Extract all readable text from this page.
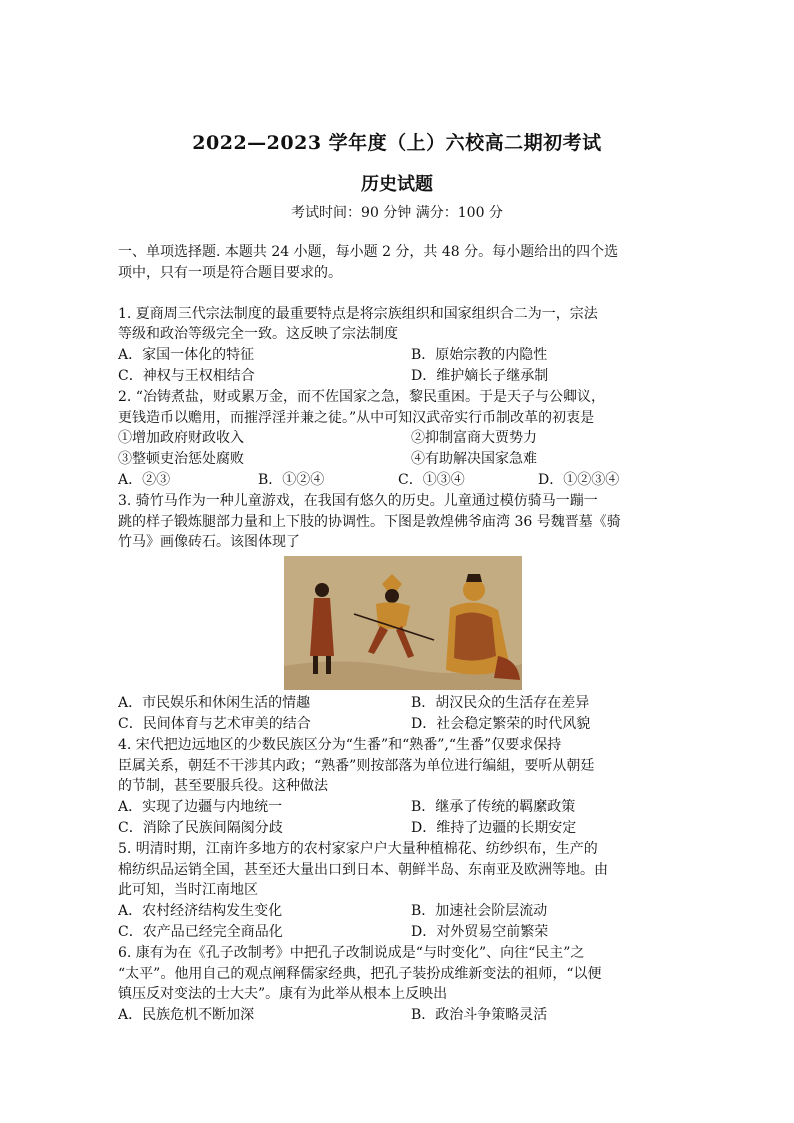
2022—2023 学年度（上）六校高二期初考试
历史试题
考试时间：90 分钟 满分：100 分

一、单项选择题. 本题共 24 小题，每小题 2 分，共 48 分。每小题给出的四个选

项中，只有一项是符合题目要求的。

1. 夏商周三代宗法制度的最重要特点是将宗族组织和国家组织合二为一，宗法

等级和政治等级完全一致。这反映了宗法制度

A．家国一体化的特征	B．原始宗教的内隐性
C．神权与王权相结合	D．维护嫡长子继承制

2. “冶铸煮盐，财或累万金，而不佐国家之急，黎民重困。于是天子与公卿议，

更钱造币以赡用，而摧浮淫并兼之徒。”从中可知汉武帝实行币制改革的初衷是

①增加政府财政收入	②抑制富商大贾势力
③整顿吏治惩处腐败	④有助解决国家急难
A．②③	B．①②④	C．①③④	D．①②③④

3. 骑竹马作为一种儿童游戏，在我国有悠久的历史。儿童通过模仿骑马一蹦一

跳的样子锻炼腿部力量和上下肢的协调性。下图是敦煌佛爷庙湾 36 号魏晋墓《骑

竹马》画像砖石。该图体现了

A．市民娱乐和休闲生活的情趣	B．胡汉民众的生活存在差异
C．民间体育与艺术审美的结合	D．社会稳定繁荣的时代风貌

4. 宋代把边远地区的少数民族区分为“生番”和“熟番”,“生番”仅要求保持

臣属关系，朝廷不干涉其内政；“熟番”则按部落为单位进行编組，要听从朝廷

的节制，甚至要服兵役。这种做法

A．实现了边疆与内地统一	B．继承了传统的羁縻政策
C．消除了民族间隔阂分歧	D．维持了边疆的长期安定

5. 明清时期，江南许多地方的农村家家户户大量种植棉花、纺纱织布，生产的

棉纺织品运销全国，甚至还大量出口到日本、朝鲜半岛、东南亚及欧洲等地。由

此可知，当时江南地区

A．农村经济结构发生变化	B．加速社会阶层流动
C．农产品已经完全商品化	D．对外贸易空前繁荣

6. 康有为在《孔子改制考》中把孔子改制说成是“与时变化”、向往“民主”之

“太平”。他用自己的观点阐释儒家经典，把孔子装扮成维新变法的祖师，“以便

镇压反对变法的士大夫”。康有为此举从根本上反映出

A．民族危机不断加深	B．政治斗争策略灵活
